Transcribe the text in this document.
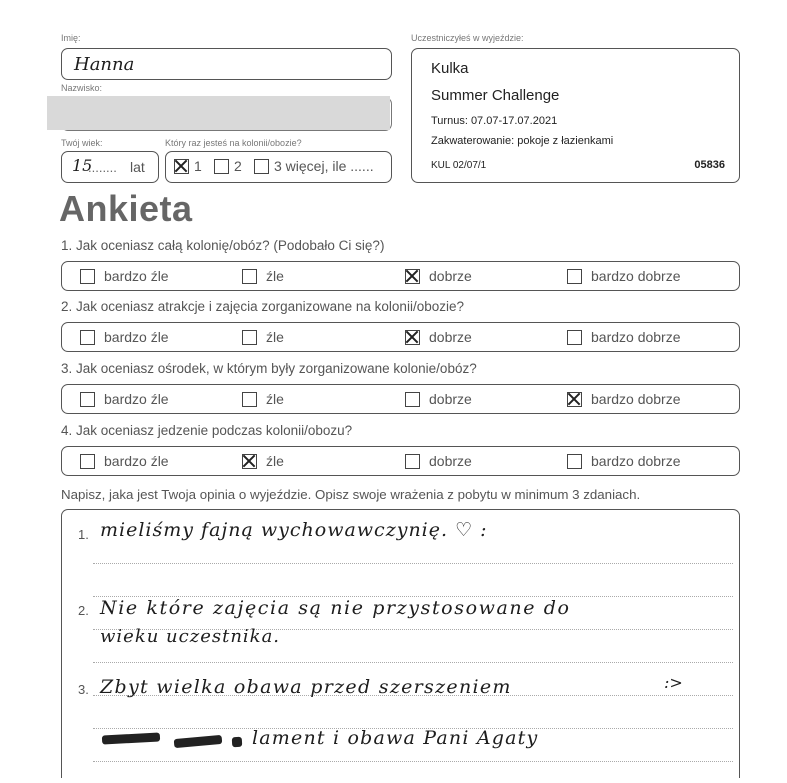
Imię:
Hanna
Nazwisko:
Twój wiek:
15
........ lat
Który raz jesteś na kolonii/obozie?
1 2 3 więcej, ile ......
Uczestniczyłeś w wyjeździe:
Kulka
Summer Challenge
Turnus: 07.07-17.07.2021
Zakwaterowanie: pokoje z łazienkami
KUL 02/07/1	05836
Ankieta
1. Jak oceniasz całą kolonię/obóz? (Podobało Ci się?)
bardzo źle	źle	dobrze	bardzo dobrze
2. Jak oceniasz atrakcje i zajęcia zorganizowane na kolonii/obozie?
bardzo źle	źle	dobrze	bardzo dobrze
3. Jak oceniasz ośrodek, w którym były zorganizowane kolonie/obóz?
bardzo źle	źle	dobrze	bardzo dobrze
4. Jak oceniasz jedzenie podczas kolonii/obozu?
bardzo źle	źle	dobrze	bardzo dobrze
Napisz, jaka jest Twoja opinia o wyjeździe. Opisz swoje wrażenia z pobytu w minimum 3 zdaniach.
1.
2.
3.
mieliśmy fajną wychowawczynię. ♡ :
Nie które zajęcia są nie przystosowane do
wieku uczestnika.
Zbyt wielka obawa przed szerszeniem	:>
lament i obawa Pani Agaty
